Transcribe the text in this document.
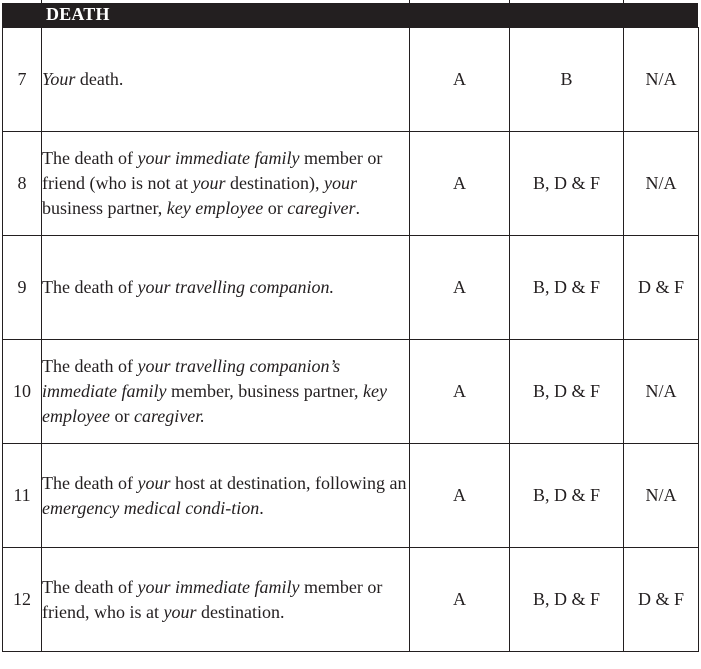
DEATH
7	Your death.	A	B	N/A
8	The death of your immediate family member or friend (who is not at your destination), your business partner, key employee or caregiver.	A	B, D & F	N/A
9	The death of your travelling companion.	A	B, D & F	D & F
10	The death of your travelling companion’s immediate family member, business partner, key employee or caregiver.	A	B, D & F	N/A
11	The death of your host at destination, following an emergency medical condi-tion.	A	B, D & F	N/A
12	The death of your immediate family member or friend, who is at your destination.	A	B, D & F	D & F
